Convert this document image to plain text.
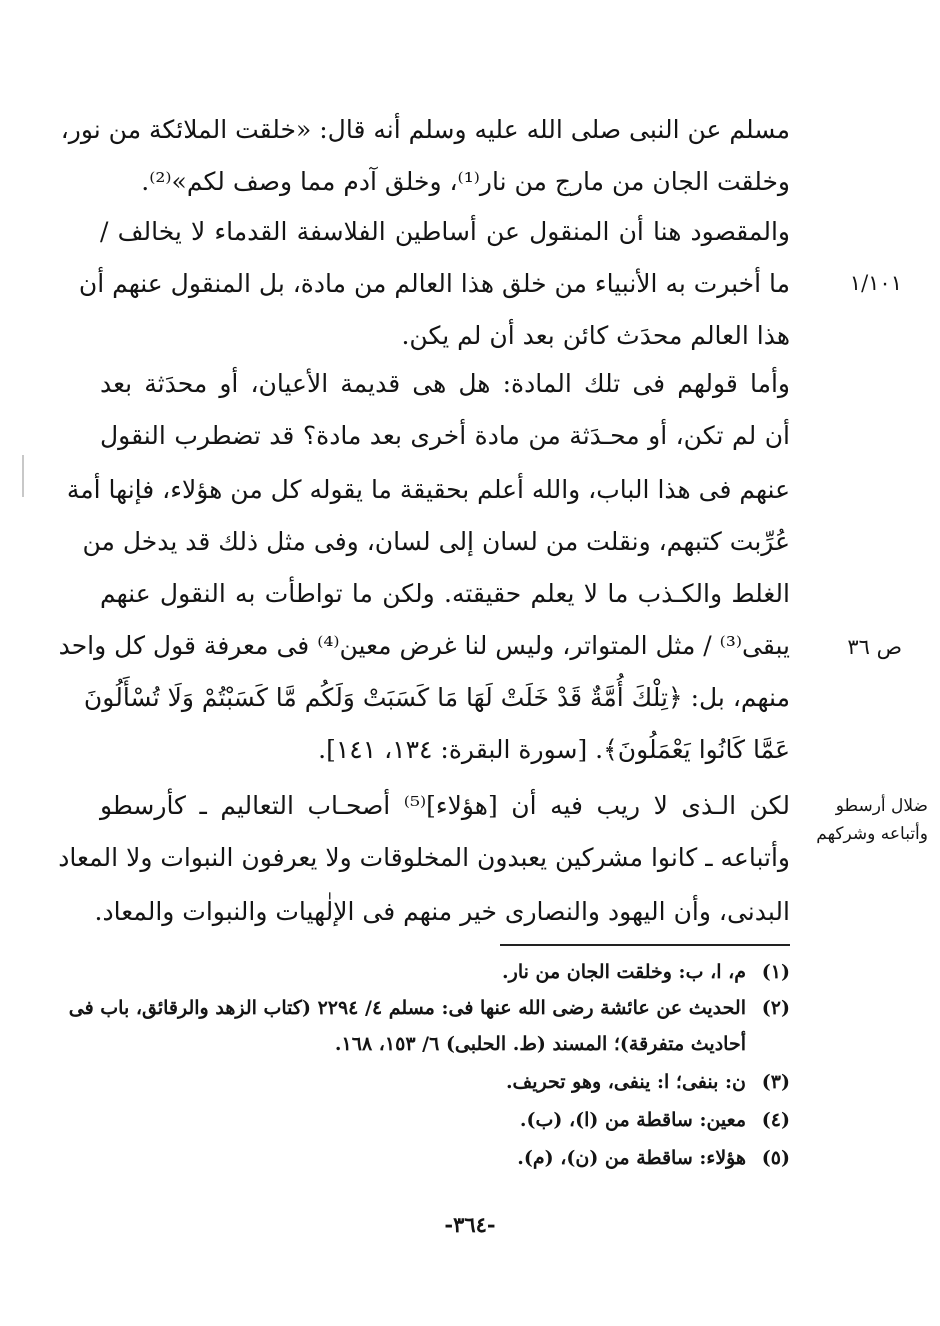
مسلم عن النبى صلى الله عليه وسلم أنه قال: «خلقت الملائكة من نور،
وخلقت الجان من مارج من نار⁽¹⁾، وخلق آدم مما وصف لكم»⁽²⁾.
والمقصود هنا أن المنقول عن أساطين الفلاسفة القدماء لا يخالف /
ما أخبرت به الأنبياء من خلق هذا العالم من مادة، بل المنقول عنهم أن
هذا العالم محدَث كائن بعد أن لم يكن.
وأما قولهم فى تلك المادة: هل هى قديمة الأعيان، أو محدَثة بعد
أن لم تكن، أو محـدَثة من مادة أخرى بعد مادة؟ قد تضطرب النقول
عنهم فى هذا الباب، والله أعلم بحقيقة ما يقوله كل من هؤلاء، فإنها أمة
عُرِّبت كتبهم، ونقلت من لسان إلى لسان، وفى مثل ذلك قد يدخل من
الغلط والكـذب ما لا يعلم حقيقته. ولكن ما تواطأت به النقول عنهم
يبقى⁽³⁾ / مثل المتواتر، وليس لنا غرض معين⁽⁴⁾ فى معرفة قول كل واحد
منهم، بل: ﴿تِلْكَ أُمَّةٌ قَدْ خَلَتْ لَهَا مَا كَسَبَتْ وَلَكُم مَّا كَسَبْتُمْ وَلَا تُسْأَلُونَ
عَمَّا كَانُوا يَعْمَلُونَ﴾. [سورة البقرة: ١٣٤، ١٤١].
لكن الـذى لا ريب فيه أن [هؤلاء]⁽⁵⁾ أصحـاب التعاليم ـ كأرسطو
وأتباعه ـ كانوا مشركين يعبدون المخلوقات ولا يعرفون النبوات ولا المعاد
البدنى، وأن اليهود والنصارى خير منهم فى الإلٰهيات والنبوات والمعاد.
١/١٠١
ص ٣٦
ضلال أرسطو
وأتباعه وشركهم
(١)م، ا، ب: وخلقت الجان من نار.
(٢)الحديث عن عائشة رضى الله عنها فى: مسلم ٤/ ٢٢٩٤ (كتاب الزهد والرقائق، باب فى
أحاديث متفرقة)؛ المسند (ط. الحلبى) ٦/ ١٥٣، ١٦٨.
(٣)ن: بنفى؛ ا: ينفى، وهو تحريف.
(٤)معين: ساقطة من (ا)، (ب).
(٥)هؤلاء: ساقطة من (ن)، (م).
-٣٦٤-
